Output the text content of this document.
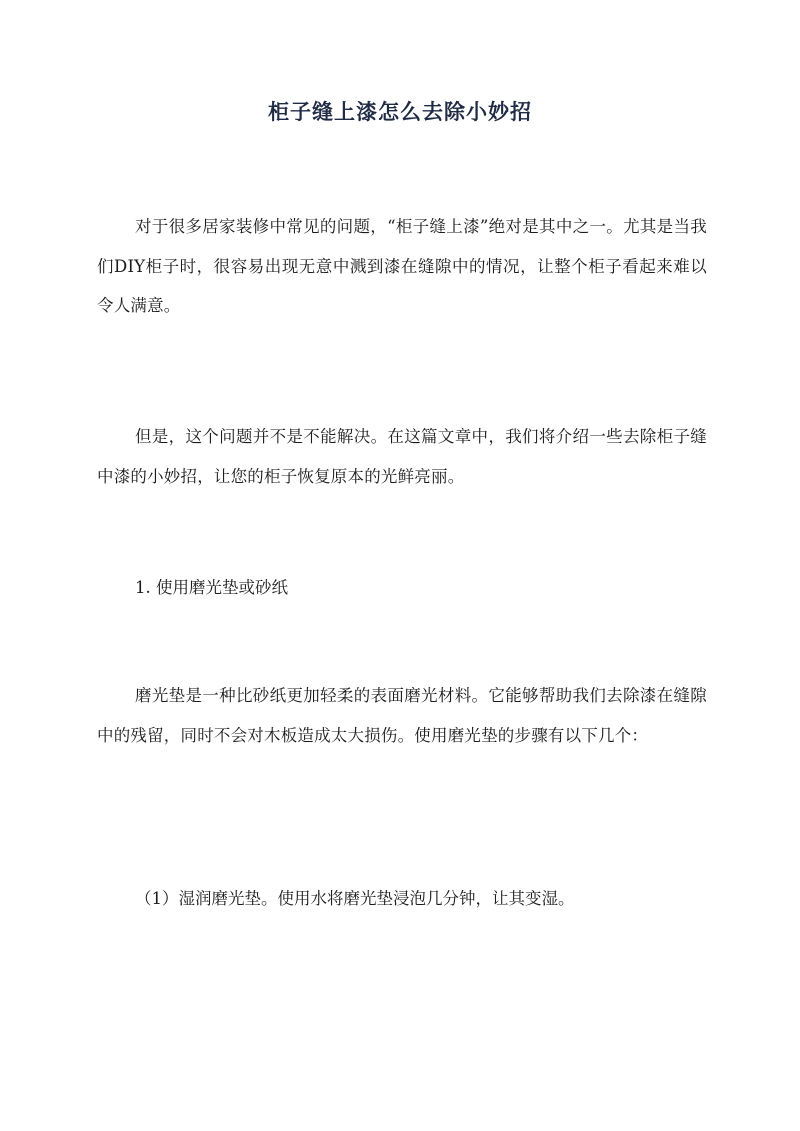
柜子缝上漆怎么去除小妙招
对于很多居家装修中常见的问题，“柜子缝上漆”绝对是其中之一。尤其是当我们DIY柜子时，很容易出现无意中溅到漆在缝隙中的情况，让整个柜子看起来难以令人满意。
但是，这个问题并不是不能解决。在这篇文章中，我们将介绍一些去除柜子缝中漆的小妙招，让您的柜子恢复原本的光鲜亮丽。
1. 使用磨光垫或砂纸
磨光垫是一种比砂纸更加轻柔的表面磨光材料。它能够帮助我们去除漆在缝隙中的残留，同时不会对木板造成太大损伤。使用磨光垫的步骤有以下几个：
（1）湿润磨光垫。使用水将磨光垫浸泡几分钟，让其变湿。
